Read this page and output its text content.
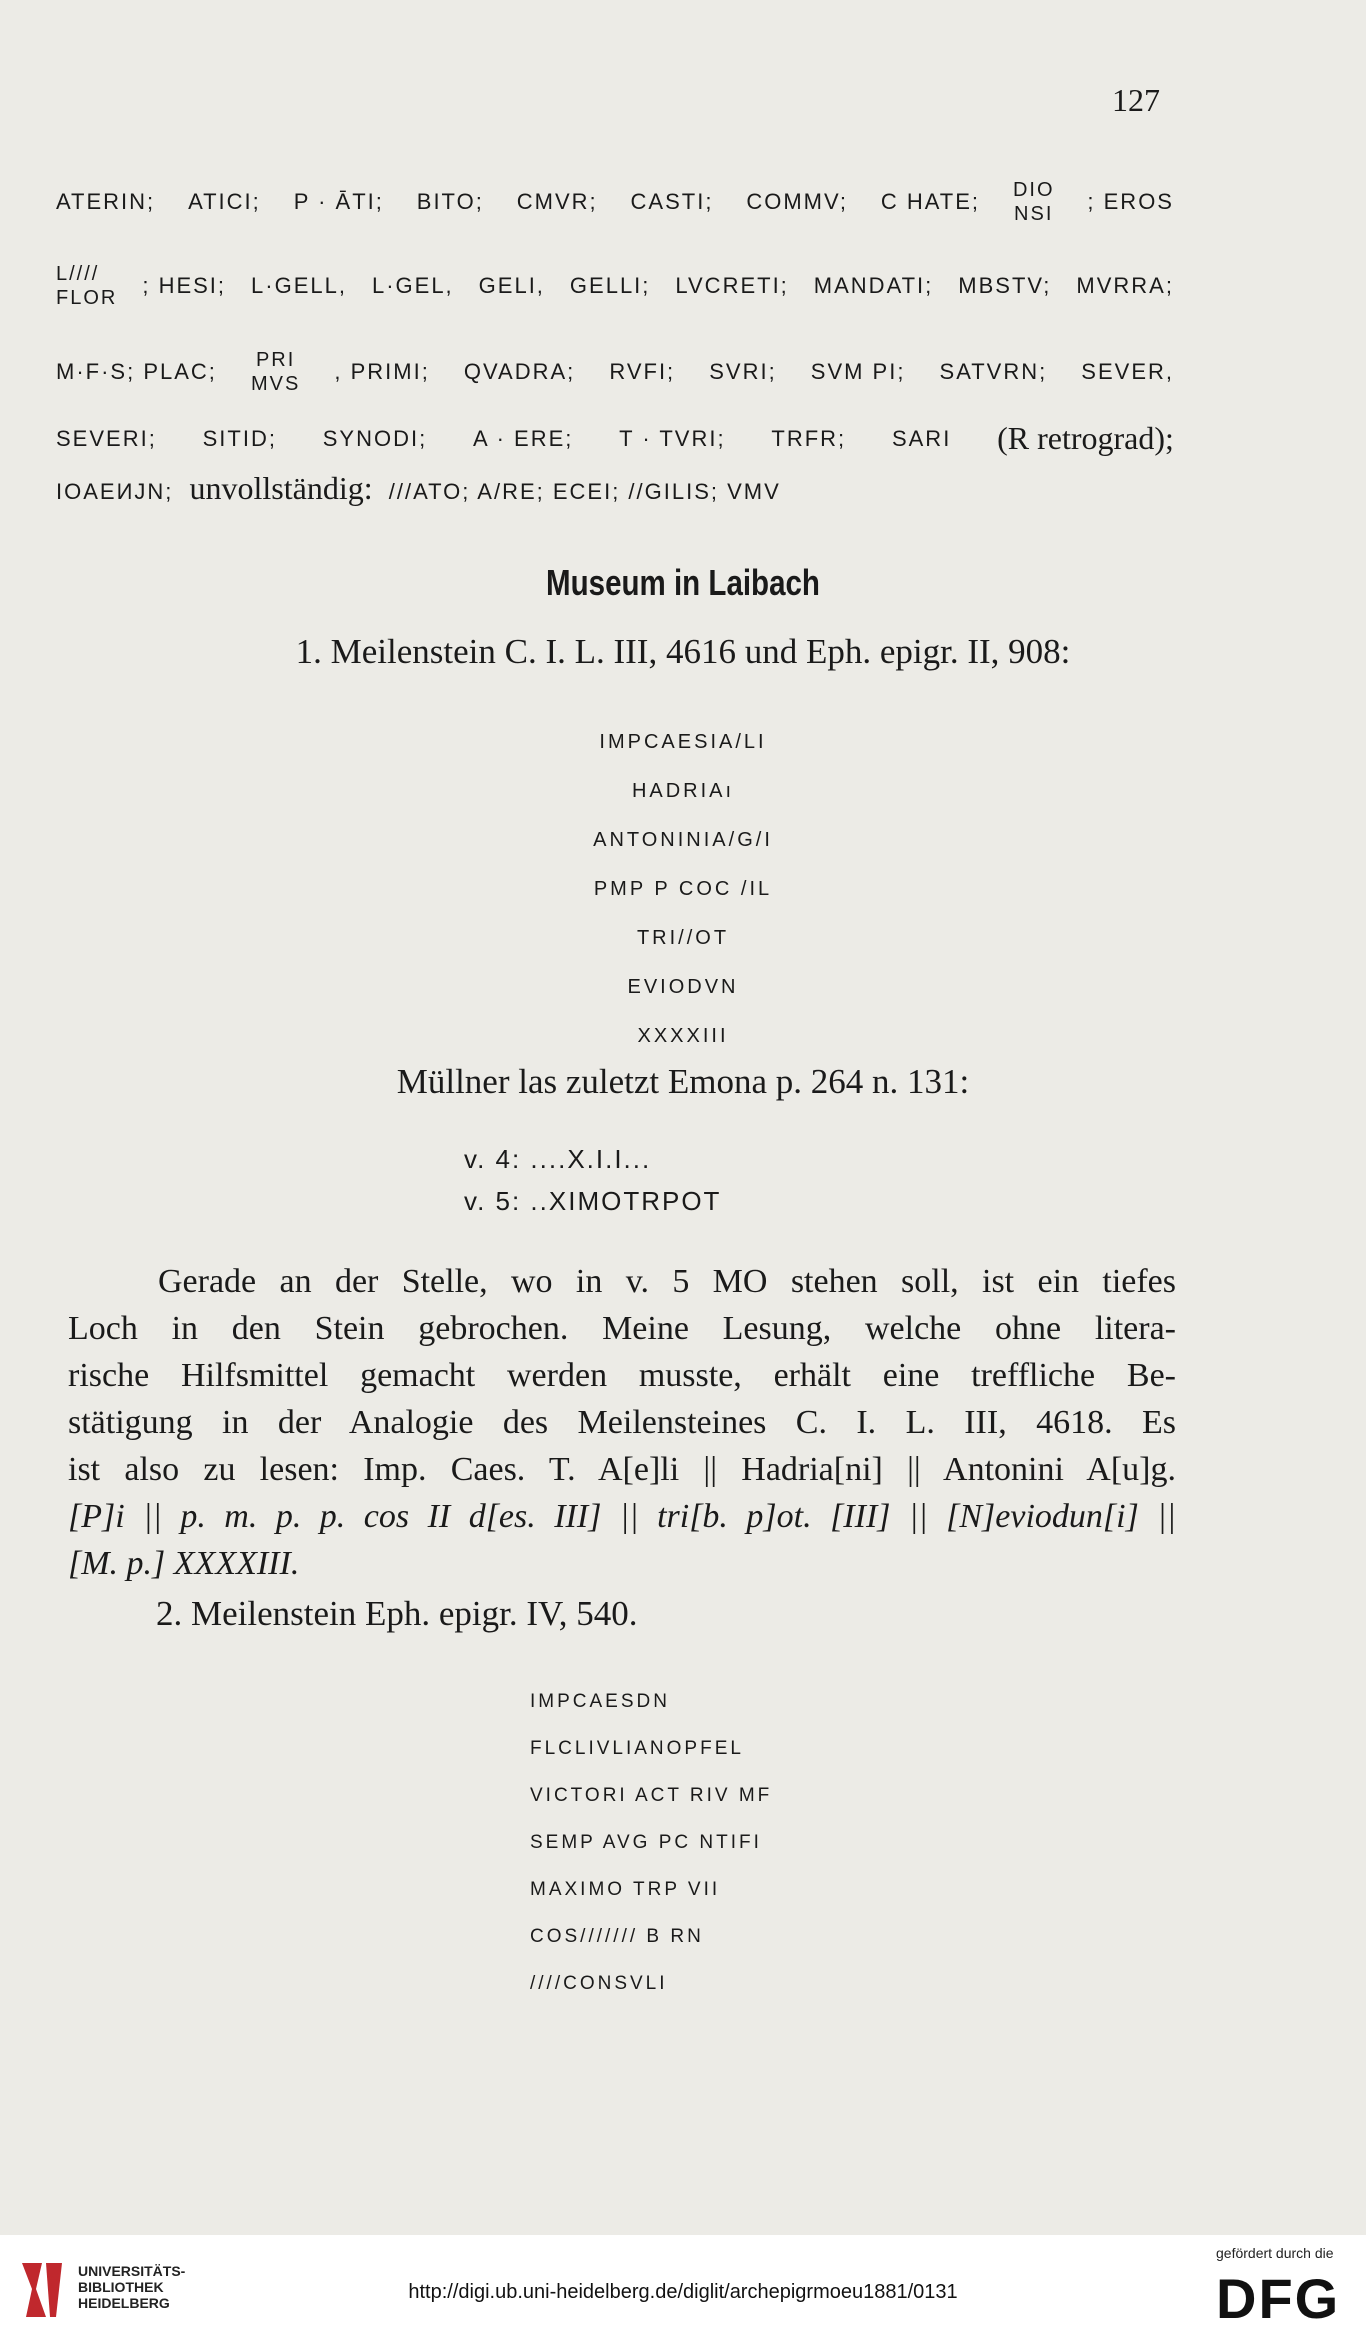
127
ATERIN; ATICI; P · ĀTI; BITO; CMVR; CASTI; COMMV; C HATE; DIO
NSI ; EROS
L////
FLOR ; HESI; L·GELL, L·GEL, GELI, GELLI; LVCRETI; MANDATI; MBSTV; MVRRA;
M·F·S; PLAC; PRI
MVS , PRIMI; QVADRA; RVFI; SVRI; SVM PI; SATVRN; SEVER,
SEVERI; SITID; SYNODI; A · ERE; T · TVRI; TRFR; SARI (R retrograd);
IOAEИJN; unvollständig: ///ATO; A/RE; ECEI; //GILIS; VMV
Museum in Laibach
1. Meilenstein C. I. L. III, 4616 und Eph. epigr. II, 908:
IMPCAESIA/LI
HADRIAı
ANTONINIA/G/I
PMP P COC /IL
TRI//OT
EVIODVN
XXXXIII
Müllner las zuletzt Emona p. 264 n. 131:
v. 4: ....X.I.I...
v. 5: ..XIMOTRPOT
Gerade an der Stelle, wo in v. 5 MO stehen soll, ist ein tiefes
Loch in den Stein gebrochen. Meine Lesung, welche ohne litera-
rische Hilfsmittel gemacht werden musste, erhält eine treffliche Be-
stätigung in der Analogie des Meilensteines C. I. L. III, 4618. Es
ist also zu lesen: Imp. Caes. T. A[e]li || Hadria[ni] || Antonini A[u]g.
[P]i || p. m. p. p. cos II d[es. III] || tri[b. p]ot. [III] || [N]eviodun[i] ||
[M. p.] XXXXIII.
2. Meilenstein Eph. epigr. IV, 540.
IMPCAESDN
FLCLIVLIANOPFEL
VICTORI ACT RIV MF
SEMP AVG PC NTIFI
MAXIMO TRP VII
COS/////// B RN
////CONSVLI
UNIVERSITÄTS-
BIBLIOTHEK
HEIDELBERG	http://digi.ub.uni-heidelberg.de/diglit/archepigrmoeu1881/0131
gefördert durch die
DFG
